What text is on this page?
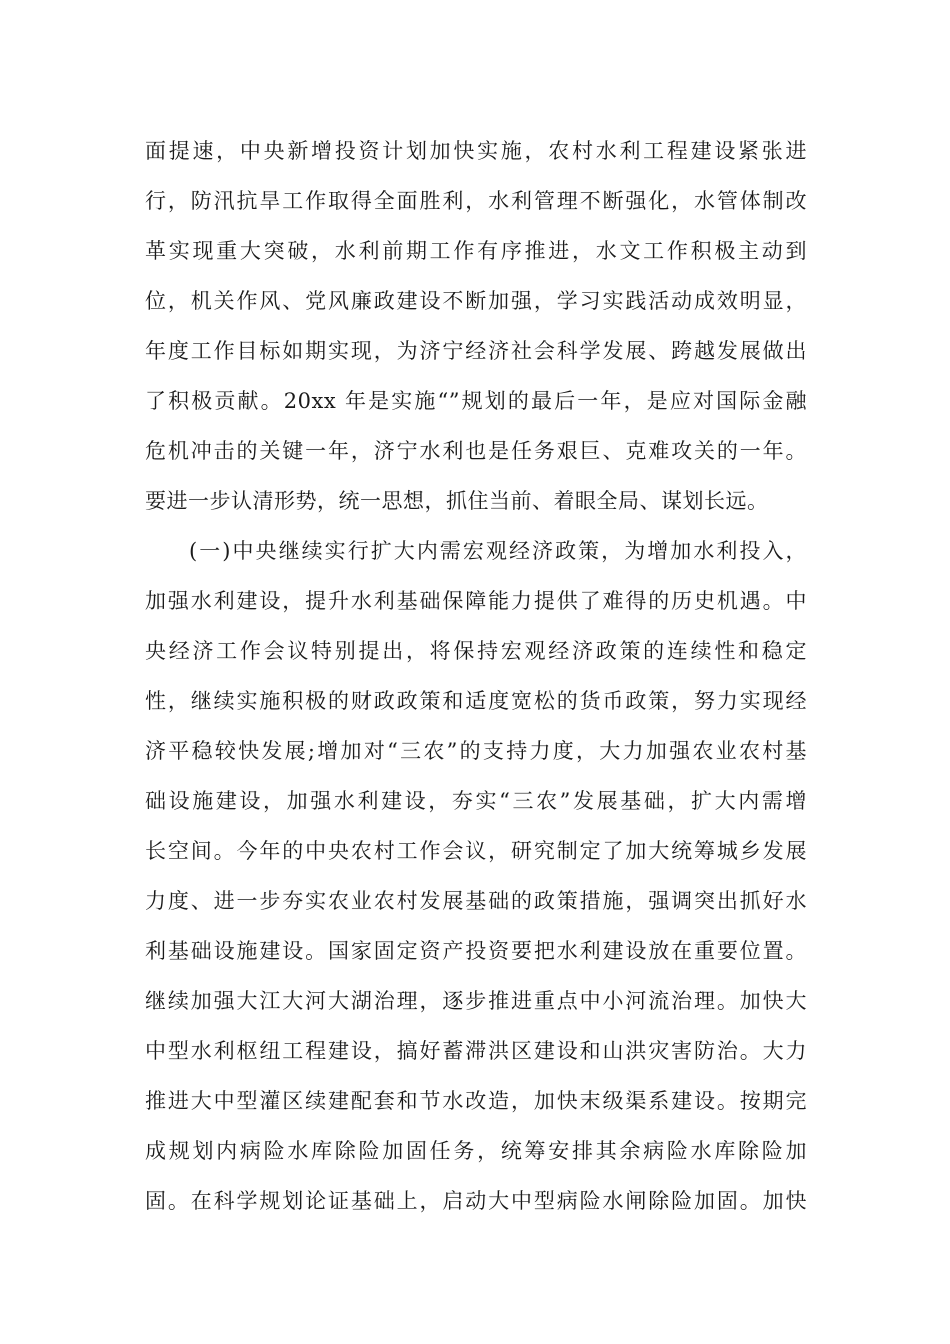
面提速，中央新增投资计划加快实施，农村水利工程建设紧张进
行，防汛抗旱工作取得全面胜利，水利管理不断强化，水管体制改
革实现重大突破，水利前期工作有序推进，水文工作积极主动到
位，机关作风、党风廉政建设不断加强，学习实践活动成效明显，
年度工作目标如期实现，为济宁经济社会科学发展、跨越发展做出
了积极贡献。20xx 年是实施“”规划的最后一年，是应对国际金融
危机冲击的关键一年，济宁水利也是任务艰巨、克难攻关的一年。
要进一步认清形势，统一思想，抓住当前、着眼全局、谋划长远。
(一)中央继续实行扩大内需宏观经济政策，为增加水利投入，
加强水利建设，提升水利基础保障能力提供了难得的历史机遇。中
央经济工作会议特别提出，将保持宏观经济政策的连续性和稳定
性，继续实施积极的财政政策和适度宽松的货币政策，努力实现经
济平稳较快发展;增加对“三农”的支持力度，大力加强农业农村基
础设施建设，加强水利建设，夯实“三农”发展基础，扩大内需增
长空间。今年的中央农村工作会议，研究制定了加大统筹城乡发展
力度、进一步夯实农业农村发展基础的政策措施，强调突出抓好水
利基础设施建设。国家固定资产投资要把水利建设放在重要位置。
继续加强大江大河大湖治理，逐步推进重点中小河流治理。加快大
中型水利枢纽工程建设，搞好蓄滞洪区建设和山洪灾害防治。大力
推进大中型灌区续建配套和节水改造，加快末级渠系建设。按期完
成规划内病险水库除险加固任务，统筹安排其余病险水库除险加
固。在科学规划论证基础上，启动大中型病险水闸除险加固。加快
